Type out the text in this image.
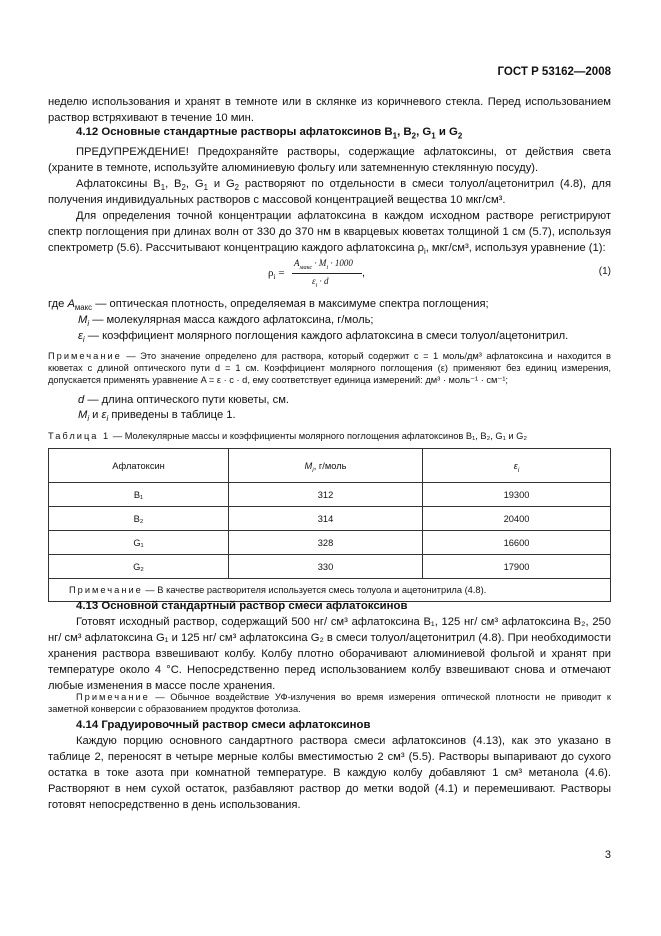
ГОСТ Р 53162—2008
неделю использования и хранят в темноте или в склянке из коричневого стекла. Перед использованием раствор встряхивают в течение 10 мин.
4.12 Основные стандартные растворы афлатоксинов $B_1$, $B_2$, $G_1$ и $G_2$
ПРЕДУПРЕЖДЕНИЕ! Предохраняйте растворы, содержащие афлатоксины, от действия света (храните в темноте, используйте алюминиевую фольгу или затемненную стеклянную посуду).
Афлатоксины $B_1$, $B_2$, $G_1$ и $G_2$ растворяют по отдельности в смеси толуол/ацетонитрил (4.8), для получения индивидуальных растворов с массовой концентрацией вещества 10 мкг/см³.
Для определения точной концентрации афлатоксина в каждом исходном растворе регистрируют спектр поглощения при длинах волн от 330 до 370 нм в кварцевых кюветах толщиной 1 см (5.7), используя спектрометр (5.6). Рассчитывают концентрацию каждого афлатоксина $\rho_i$, мкг/см³, используя уравнение (1):
$\rho_i$ =
$A_{макс} \cdot M_i \cdot 1000$
$\varepsilon_i \cdot d$
,	(1)
где $A_{макс}$ — оптическая плотность, определяемая в максимуме спектра поглощения;
$M_i$ — молекулярная масса каждого афлатоксина, г/моль;
$\varepsilon_i$ — коэффициент молярного поглощения каждого афлатоксина в смеси толуол/ацетонитрил.
Примечание — Это значение определено для раствора, который содержит c = 1 моль/дм³ афлатоксина и находится в кюветах с длиной оптического пути d = 1 см. Коэффициент молярного поглощения (ε) применяют без единиц измерения, допускается применять уравнение A = ε · c · d, ему соответствует единица измерений: дм³ · моль⁻¹ · см⁻¹;
d — длина оптического пути кюветы, см.
$M_i$ и $\varepsilon_i$ приведены в таблице 1.
Таблица 1 — Молекулярные массы и коэффициенты молярного поглощения афлатоксинов B₁, B₂, G₁ и G₂
Афлатоксин	$M_i$, г/моль	$\varepsilon_i$
B₁	312	19300
B₂	314	20400
G₁	328	16600
G₂	330	17900
Примечание — В качестве растворителя используется смесь толуола и ацетонитрила (4.8).		
4.13 Основной стандартный раствор смеси афлатоксинов
Готовят исходный раствор, содержащий 500 нг/ см³ афлатоксина B₁, 125 нг/ см³ афлатоксина B₂, 250 нг/ см³ афлатоксина G₁ и 125 нг/ см³ афлатоксина G₂ в смеси толуол/ацетонитрил (4.8). При необходимости хранения раствора взвешивают колбу. Колбу плотно оборачивают алюминиевой фольгой и хранят при температуре около 4 °С. Непосредственно перед использованием колбу взвешивают снова и отмечают любые изменения в массе после хранения.
Примечание — Обычное воздействие УФ-излучения во время измерения оптической плотности не приводит к заметной конверсии с образованием продуктов фотолиза.
4.14 Градуировочный раствор смеси афлатоксинов
Каждую порцию основного сандартного раствора смеси афлатоксинов (4.13), как это указано в таблице 2, переносят в четыре мерные колбы вместимостью 2 см³ (5.5). Растворы выпаривают до сухого остатка в токе азота при комнатной температуре. В каждую колбу добавляют 1 см³ метанола (4.6). Растворяют в нем сухой остаток, разбавляют раствор до метки водой (4.1) и перемешивают. Растворы готовят непосредственно в день использования.
3
